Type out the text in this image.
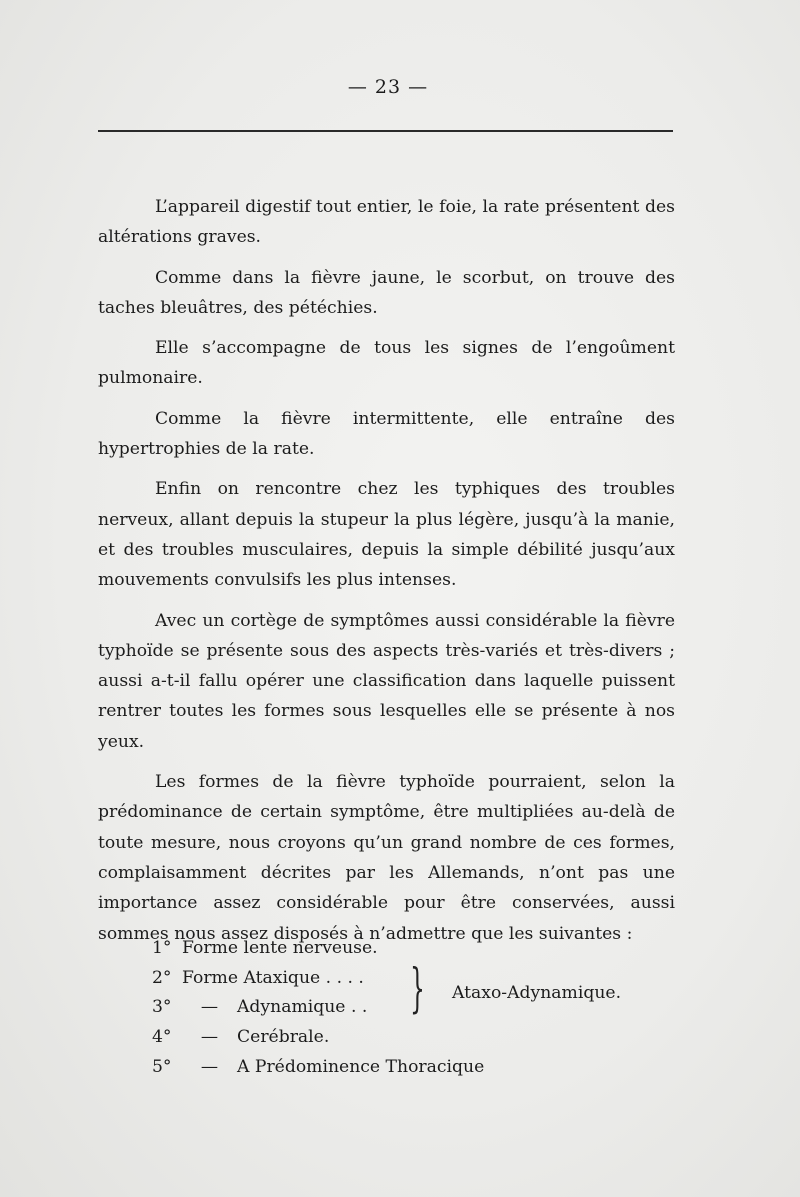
— 23 —

L’appareil digestif tout entier, le foie, la rate présentent des altérations graves.

Comme dans la fièvre jaune, le scorbut, on trouve des taches bleuâtres, des pétéchies.

Elle s’accompagne de tous les signes de l’engoûment pulmonaire.

Comme la fièvre intermittente, elle entraîne des hypertrophies de la rate.

Enfin on rencontre chez les typhiques des troubles nerveux, allant depuis la stupeur la plus légère, jusqu’à la manie, et des troubles musculaires, depuis la simple débilité jusqu’aux mouvements convulsifs les plus intenses.

Avec un cortège de symptômes aussi considérable la fièvre typhoïde se présente sous des aspects très-variés et très-divers ; aussi a-t-il fallu opérer une classification dans laquelle puissent rentrer toutes les formes sous lesquelles elle se présente à nos yeux.

Les formes de la fièvre typhoïde pourraient, selon la prédominance de certain symptôme, être multipliées au-delà de toute mesure, nous croyons qu’un grand nombre de ces formes, complaisamment décrites par les Allemands, n’ont pas une importance assez considérable pour être conservées, aussi sommes nous assez disposés à n’admettre que les suivantes :

1° Forme lente nerveuse.
2° Forme Ataxique . . . .
3° — Adynamique . .
4° — Cerébrale.
5° — A Prédominence Thoracique
} Ataxo-Adynamique.
